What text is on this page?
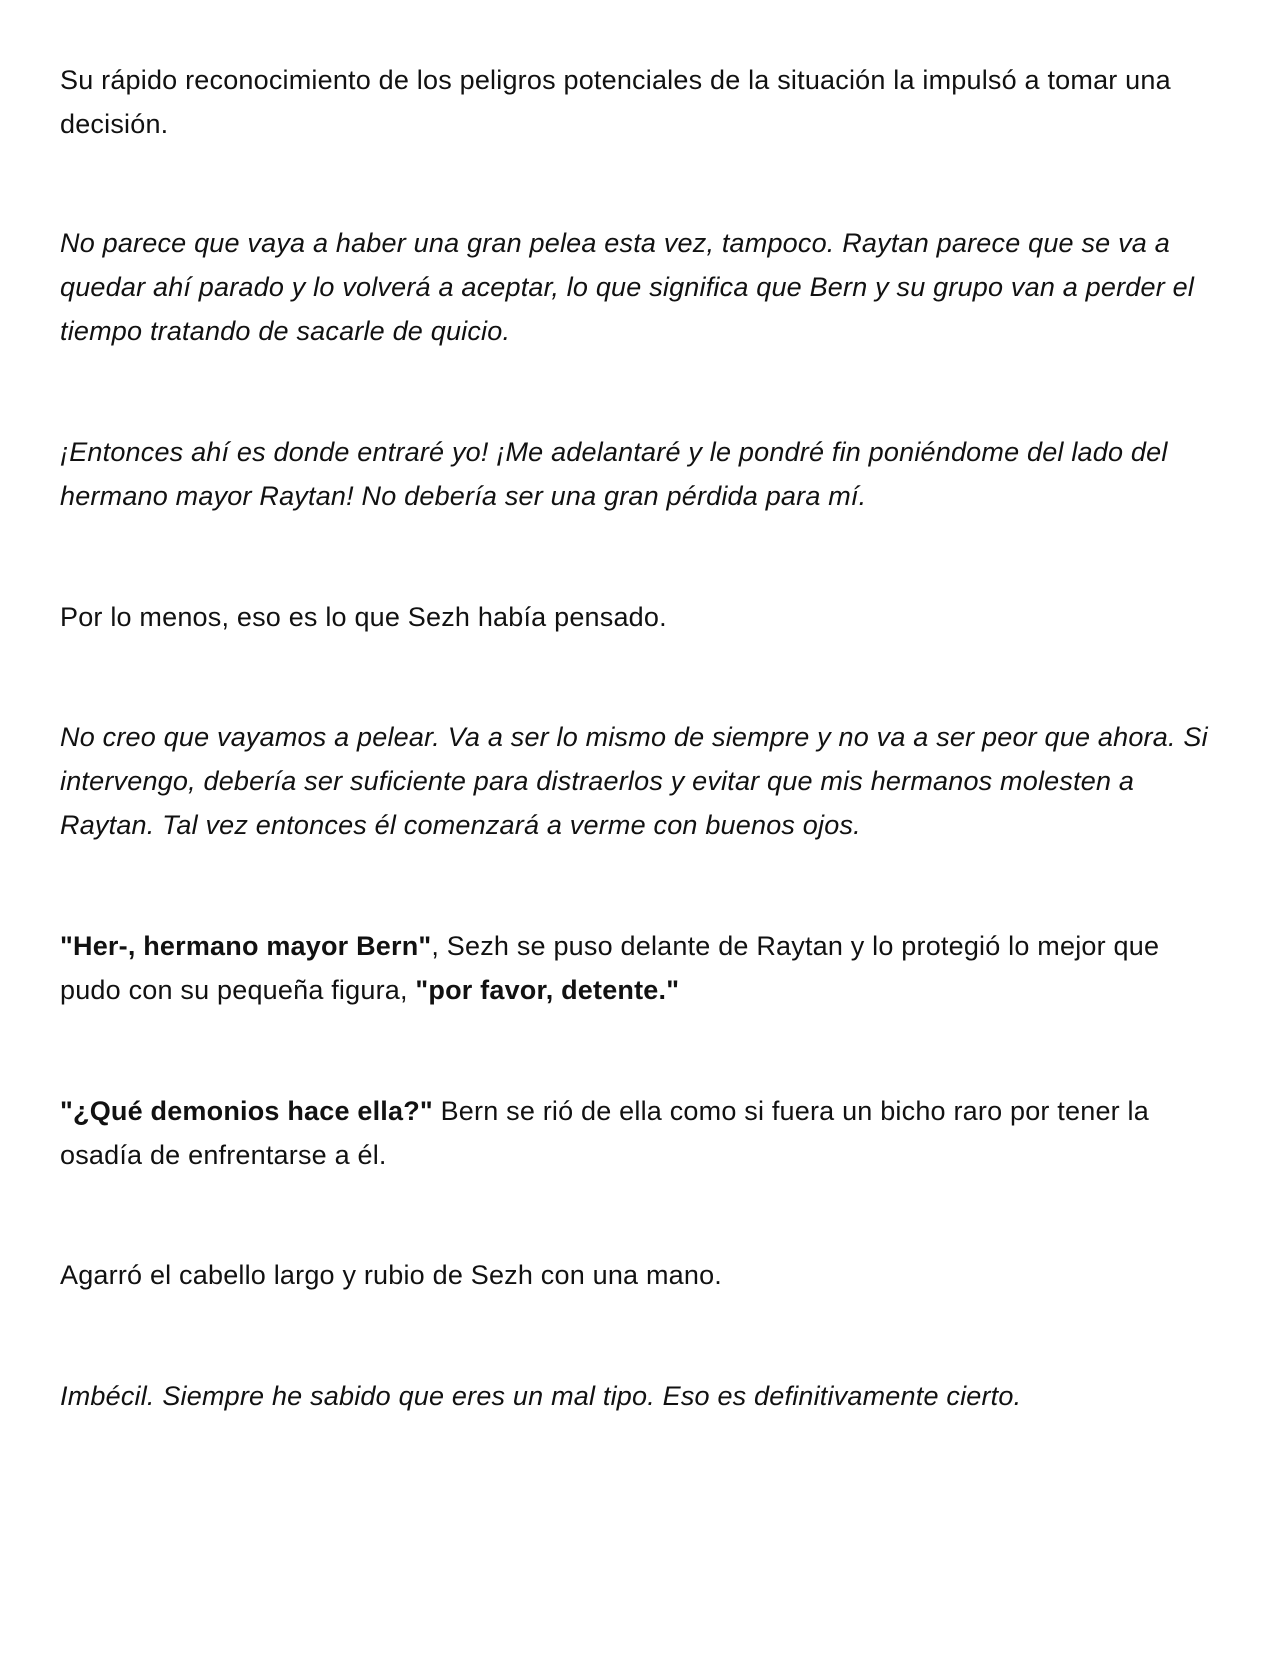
Su rápido reconocimiento de los peligros potenciales de la situación la impulsó a tomar una decisión.

No parece que vaya a haber una gran pelea esta vez, tampoco. Raytan parece que se va a quedar ahí parado y lo volverá a aceptar, lo que significa que Bern y su grupo van a perder el tiempo tratando de sacarle de quicio.

¡Entonces ahí es donde entraré yo! ¡Me adelantaré y le pondré fin poniéndome del lado del hermano mayor Raytan! No debería ser una gran pérdida para mí.

Por lo menos, eso es lo que Sezh había pensado.

No creo que vayamos a pelear. Va a ser lo mismo de siempre y no va a ser peor que ahora. Si intervengo, debería ser suficiente para distraerlos y evitar que mis hermanos molesten a Raytan. Tal vez entonces él comenzará a verme con buenos ojos.

"Her-, hermano mayor Bern", Sezh se puso delante de Raytan y lo protegió lo mejor que pudo con su pequeña figura, "por favor, detente."

"¿Qué demonios hace ella?" Bern se rió de ella como si fuera un bicho raro por tener la osadía de enfrentarse a él.

Agarró el cabello largo y rubio de Sezh con una mano.

Imbécil. Siempre he sabido que eres un mal tipo. Eso es definitivamente cierto.
